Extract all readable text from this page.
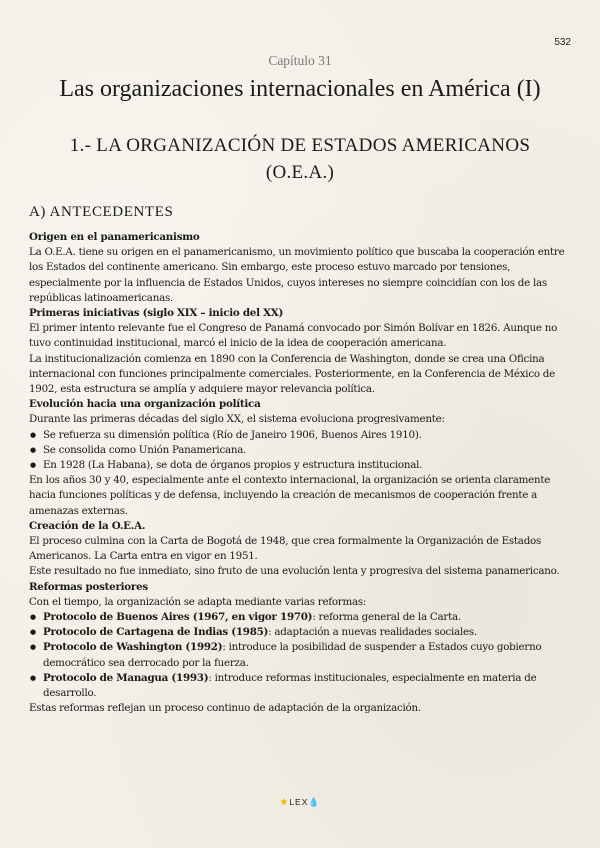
532
Capítulo 31
Las organizaciones internacionales en América (I)
1.- LA ORGANIZACIÓN DE ESTADOS AMERICANOS
(O.E.A.)
A) ANTECEDENTES

Origen en el panamericanismo

La O.E.A. tiene su origen en el panamericanismo, un movimiento político que buscaba la cooperación entre los Estados del continente americano. Sin embargo, este proceso estuvo marcado por tensiones, especialmente por la influencia de Estados Unidos, cuyos intereses no siempre coincidían con los de las repúblicas latinoamericanas.

Primeras iniciativas (siglo XIX – inicio del XX)

El primer intento relevante fue el Congreso de Panamá convocado por Simón Bolívar en 1826. Aunque no tuvo continuidad institucional, marcó el inicio de la idea de cooperación americana.

La institucionalización comienza en 1890 con la Conferencia de Washington, donde se crea una Oficina internacional con funciones principalmente comerciales. Posteriormente, en la Conferencia de México de 1902, esta estructura se amplía y adquiere mayor relevancia política.

Evolución hacia una organización política

Durante las primeras décadas del siglo XX, el sistema evoluciona progresivamente:

● Se refuerza su dimensión política (Río de Janeiro 1906, Buenos Aires 1910).
● Se consolida como Unión Panamericana.
● En 1928 (La Habana), se dota de órganos propios y estructura institucional.

En los años 30 y 40, especialmente ante el contexto internacional, la organización se orienta claramente hacia funciones políticas y de defensa, incluyendo la creación de mecanismos de cooperación frente a amenazas externas.

Creación de la O.E.A.

El proceso culmina con la Carta de Bogotá de 1948, que crea formalmente la Organización de Estados Americanos. La Carta entra en vigor en 1951.

Este resultado no fue inmediato, sino fruto de una evolución lenta y progresiva del sistema panamericano.

Reformas posteriores

Con el tiempo, la organización se adapta mediante varias reformas:

● Protocolo de Buenos Aires (1967, en vigor 1970): reforma general de la Carta.
● Protocolo de Cartagena de Indias (1985): adaptación a nuevas realidades sociales.
● Protocolo de Washington (1992): introduce la posibilidad de suspender a Estados cuyo gobierno democrático sea derrocado por la fuerza.
● Protocolo de Managua (1993): introduce reformas institucionales, especialmente en materia de desarrollo.

Estas reformas reflejan un proceso continuo de adaptación de la organización.

★LEX💧
